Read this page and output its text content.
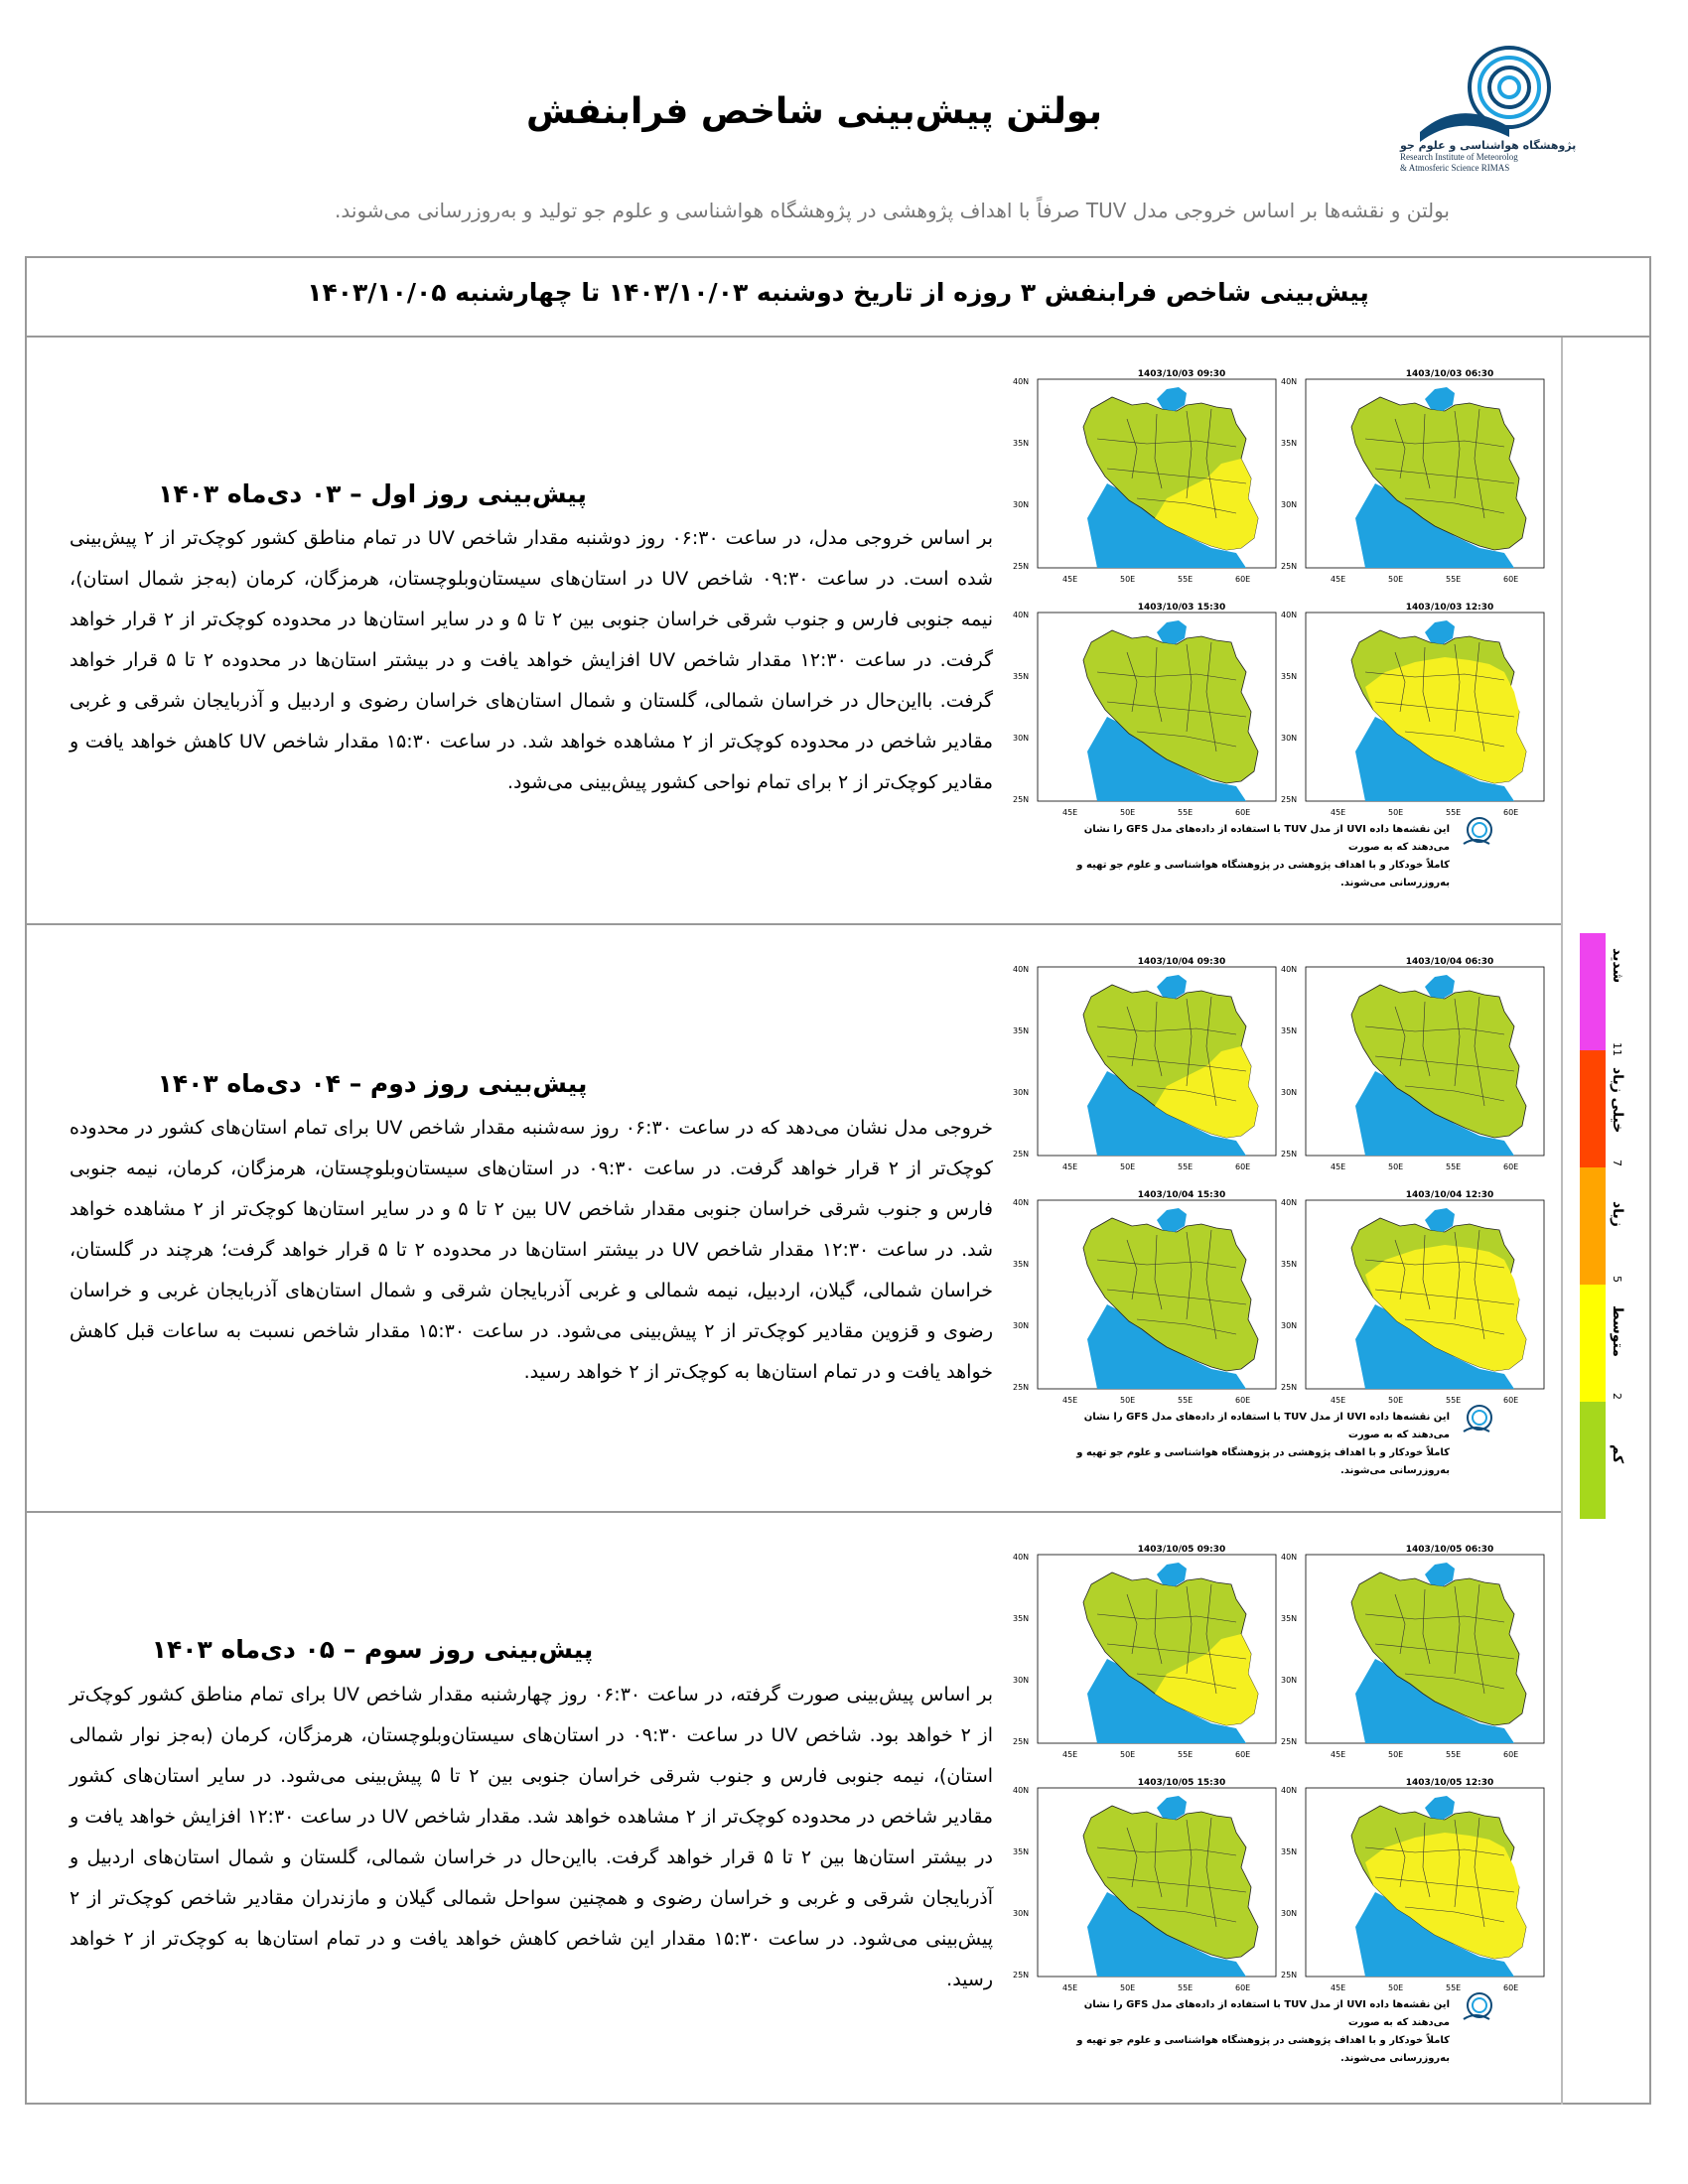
پژوهشگاه هواشناسی و علوم جو
Research Institute of Meteorolog
& Atmosferic Science RIMAS
بولتن پیش‌بینی شاخص فرابنفش
بولتن و نقشه‌ها بر اساس خروجی مدل TUV صرفاً با اهداف پژوهشی در پژوهشگاه هواشناسی و علوم جو تولید و به‌روزرسانی می‌شوند.
پیش‌بینی شاخص فرابنفش ۳ روزه از تاریخ دوشنبه ۱۴۰۳/۱۰/۰۳ تا چهارشنبه ۱۴۰۳/۱۰/۰۵
پیش‌بینی روز اول – ۰۳ دی‌ماه ۱۴۰۳
بر اساس خروجی مدل، در ساعت ۰۶:۳۰ روز دوشنبه مقدار شاخص UV در تمام مناطق کشور کوچک‌تر از ۲ پیش‌بینی شده است. در ساعت ۰۹:۳۰ شاخص UV در استان‌های سیستان‌وبلوچستان، هرمزگان، کرمان (به‌جز شمال استان)، نیمه جنوبی فارس و جنوب شرقی خراسان جنوبی بین ۲ تا ۵ و در سایر استان‌ها در محدوده کوچک‌تر از ۲ قرار خواهد گرفت. در ساعت ۱۲:۳۰ مقدار شاخص UV افزایش خواهد یافت و در بیشتر استان‌ها در محدوده ۲ تا ۵ قرار خواهد گرفت. بااین‌حال در خراسان شمالی، گلستان و شمال استان‌های خراسان رضوی و اردبیل و آذربایجان شرقی و غربی مقادیر شاخص در محدوده کوچک‌تر از ۲ مشاهده خواهد شد. در ساعت ۱۵:۳۰ مقدار شاخص UV کاهش خواهد یافت و مقادیر کوچک‌تر از ۲ برای تمام نواحی کشور پیش‌بینی می‌شود.
1403/10/03 06:30
40N
35N
30N
25N
45E	50E	55E	60E
1403/10/03 09:30
40N
35N
30N
25N
45E	50E	55E	60E
1403/10/03 12:30
40N
35N
30N
25N
45E	50E	55E	60E
1403/10/03 15:30
40N
35N
30N
25N
45E	50E	55E	60E
این نقشه‌ها داده UVI از مدل TUV با استفاده از داده‌های مدل GFS را نشان می‌دهند که به صورت
کاملاً خودکار و با اهداف پژوهشی در پژوهشگاه هواشناسی و علوم جو تهیه و به‌روزرسانی می‌شوند.
پیش‌بینی روز دوم – ۰۴ دی‌ماه ۱۴۰۳
خروجی مدل نشان می‌دهد که در ساعت ۰۶:۳۰ روز سه‌شنبه مقدار شاخص UV برای تمام استان‌های کشور در محدوده کوچک‌تر از ۲ قرار خواهد گرفت. در ساعت ۰۹:۳۰ در استان‌های سیستان‌وبلوچستان، هرمزگان، کرمان، نیمه جنوبی فارس و جنوب شرقی خراسان جنوبی مقدار شاخص UV بین ۲ تا ۵ و در سایر استان‌ها کوچک‌تر از ۲ مشاهده خواهد شد. در ساعت ۱۲:۳۰ مقدار شاخص UV در بیشتر استان‌ها در محدوده ۲ تا ۵ قرار خواهد گرفت؛ هرچند در گلستان، خراسان شمالی، گیلان، اردبیل، نیمه شمالی و غربی آذربایجان شرقی و شمال استان‌های آذربایجان غربی و خراسان رضوی و قزوین مقادیر کوچک‌تر از ۲ پیش‌بینی می‌شود. در ساعت ۱۵:۳۰ مقدار شاخص نسبت به ساعات قبل کاهش خواهد یافت و در تمام استان‌ها به کوچک‌تر از ۲ خواهد رسید.
1403/10/04 06:30
40N
35N
30N
25N
45E	50E	55E	60E
1403/10/04 09:30
40N
35N
30N
25N
45E	50E	55E	60E
1403/10/04 12:30
40N
35N
30N
25N
45E	50E	55E	60E
1403/10/04 15:30
40N
35N
30N
25N
45E	50E	55E	60E
این نقشه‌ها داده UVI از مدل TUV با استفاده از داده‌های مدل GFS را نشان می‌دهند که به صورت
کاملاً خودکار و با اهداف پژوهشی در پژوهشگاه هواشناسی و علوم جو تهیه و به‌روزرسانی می‌شوند.
پیش‌بینی روز سوم – ۰۵ دی‌ماه ۱۴۰۳
بر اساس پیش‌بینی صورت گرفته، در ساعت ۰۶:۳۰ روز چهارشنبه مقدار شاخص UV برای تمام مناطق کشور کوچک‌تر از ۲ خواهد بود. شاخص UV در ساعت ۰۹:۳۰ در استان‌های سیستان‌وبلوچستان، هرمزگان، کرمان (به‌جز نوار شمالی استان)، نیمه جنوبی فارس و جنوب شرقی خراسان جنوبی بین ۲ تا ۵ پیش‌بینی می‌شود. در سایر استان‌های کشور مقادیر شاخص در محدوده کوچک‌تر از ۲ مشاهده خواهد شد. مقدار شاخص UV در ساعت ۱۲:۳۰ افزایش خواهد یافت و در بیشتر استان‌ها بین ۲ تا ۵ قرار خواهد گرفت. بااین‌حال در خراسان شمالی، گلستان و شمال استان‌های اردبیل و آذربایجان شرقی و غربی و خراسان رضوی و همچنین سواحل شمالی گیلان و مازندران مقادیر شاخص کوچک‌تر از ۲ پیش‌بینی می‌شود. در ساعت ۱۵:۳۰ مقدار این شاخص کاهش خواهد یافت و در تمام استان‌ها به کوچک‌تر از ۲ خواهد رسید.
1403/10/05 06:30
40N
35N
30N
25N
45E	50E	55E	60E
1403/10/05 09:30
40N
35N
30N
25N
45E	50E	55E	60E
1403/10/05 12:30
40N
35N
30N
25N
45E	50E	55E	60E
1403/10/05 15:30
40N
35N
30N
25N
45E	50E	55E	60E
این نقشه‌ها داده UVI از مدل TUV با استفاده از داده‌های مدل GFS را نشان می‌دهند که به صورت
کاملاً خودکار و با اهداف پژوهشی در پژوهشگاه هواشناسی و علوم جو تهیه و به‌روزرسانی می‌شوند.
شدید
11
خیلی زیاد
7
زیاد
5
متوسط
2
کم
